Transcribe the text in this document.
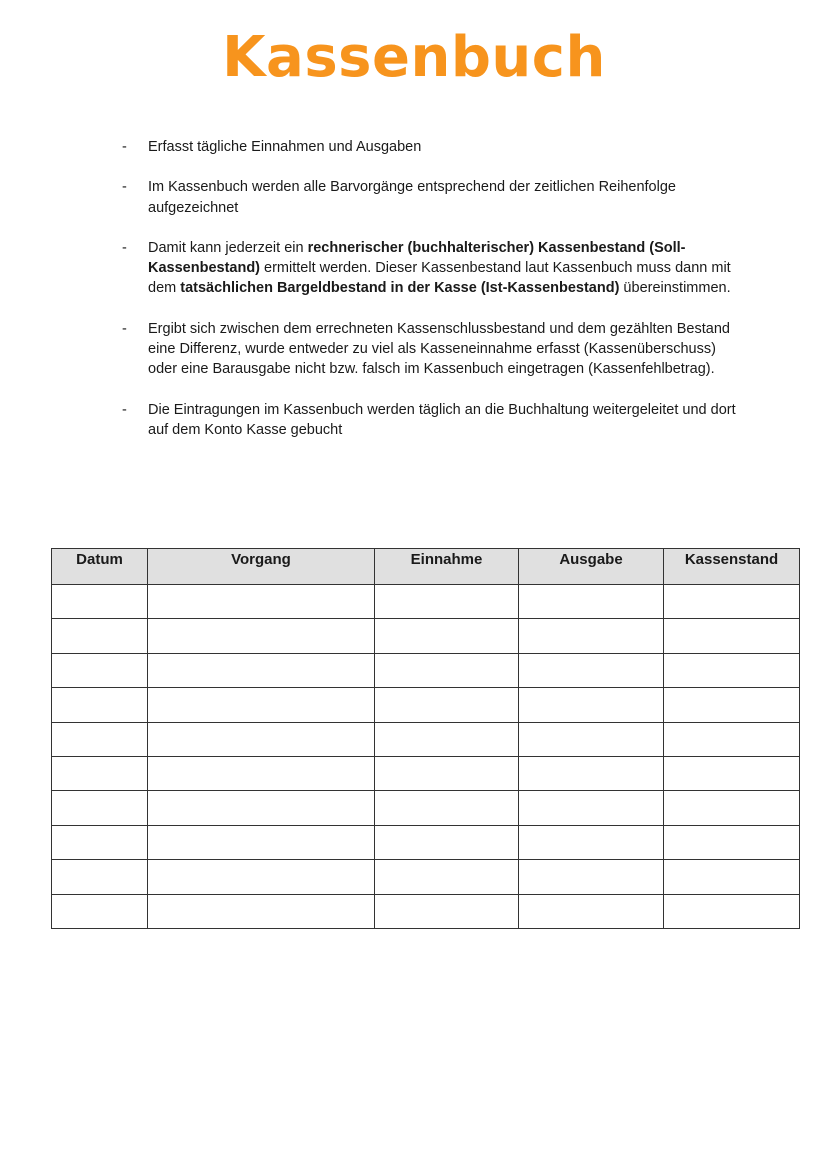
Kassenbuch
- Erfasst tägliche Einnahmen und Ausgaben
- Im Kassenbuch werden alle Barvorgänge entsprechend der zeitlichen Reihenfolge aufgezeichnet
- Damit kann jederzeit ein rechnerischer (buchhalterischer) Kassenbestand (Soll-Kassenbestand) ermittelt werden. Dieser Kassenbestand laut Kassenbuch muss dann mit dem tatsächlichen Bargeldbestand in der Kasse (Ist-Kassenbestand) übereinstimmen.
- Ergibt sich zwischen dem errechneten Kassenschlussbestand und dem gezählten Bestand eine Differenz, wurde entweder zu viel als Kasseneinnahme erfasst (Kassenüberschuss) oder eine Barausgabe nicht bzw. falsch im Kassenbuch eingetragen (Kassenfehlbetrag).
- Die Eintragungen im Kassenbuch werden täglich an die Buchhaltung weitergeleitet und dort auf dem Konto Kasse gebucht
Datum	Vorgang	Einnahme	Ausgabe	Kassenstand
